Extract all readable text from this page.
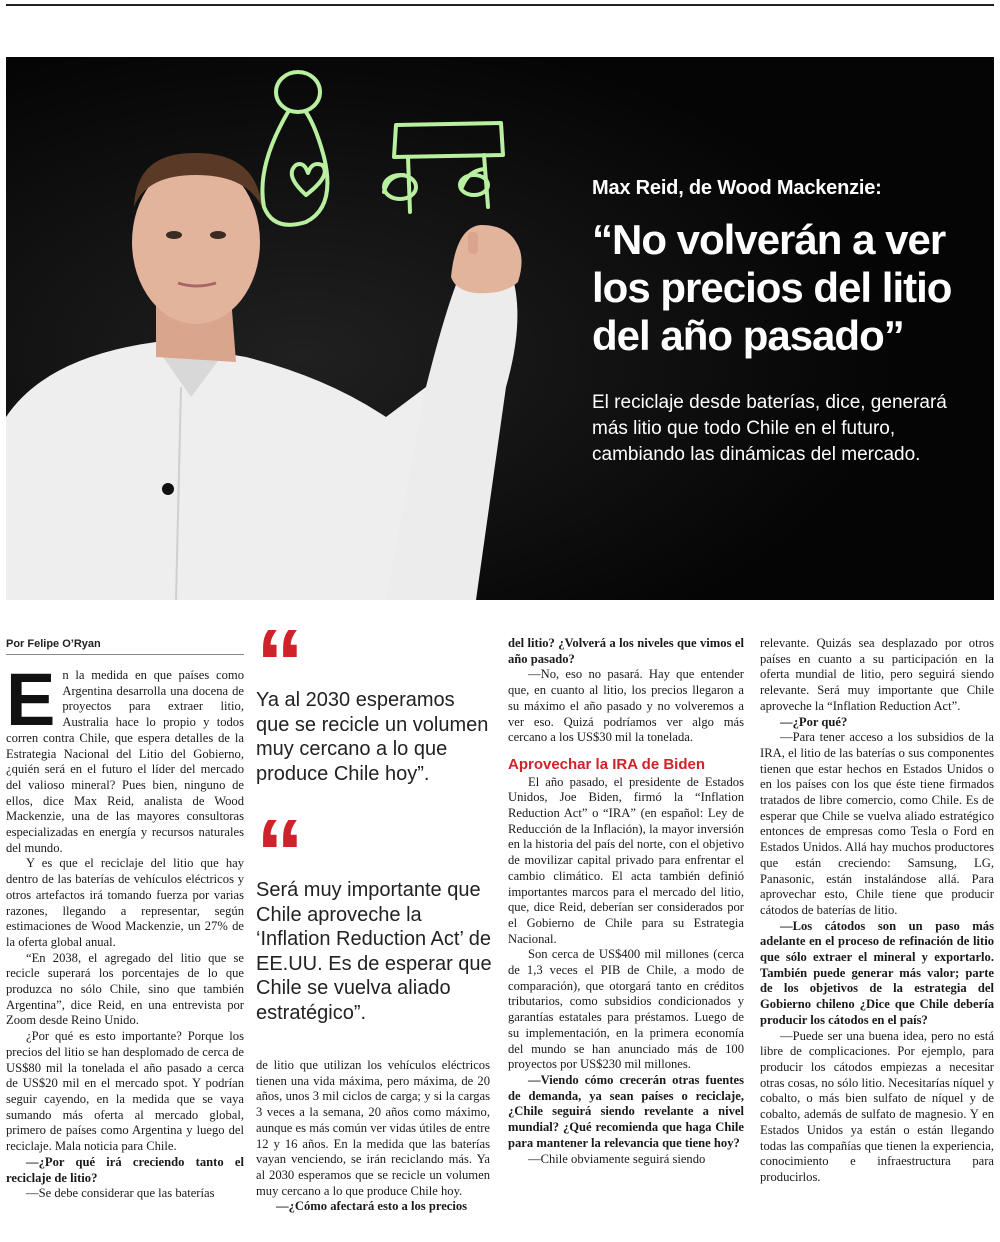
Max Reid, de Wood Mackenzie:
“No volverán a ver los precios del litio del año pasado”
El reciclaje desde baterías, dice, generará más litio que todo Chile en el futuro, cambiando las dinámicas del mercado.
Por Felipe O’Ryan

En la medida en que países como Argentina desarrolla una docena de proyectos para extraer litio, Australia hace lo propio y todos corren contra Chile, que espera detalles de la Estrategia Nacional del Litio del Gobierno, ¿quién será en el futuro el líder del mercado del valioso mineral? Pues bien, ninguno de ellos, dice Max Reid, analista de Wood Mackenzie, una de las mayores consultoras especializadas en energía y recursos naturales del mundo.

Y es que el reciclaje del litio que hay dentro de las baterías de vehículos eléctricos y otros artefactos irá tomando fuerza por varias razones, llegando a representar, según estimaciones de Wood Mackenzie, un 27% de la oferta global anual.

“En 2038, el agregado del litio que se recicle superará los porcentajes de lo que produzca no sólo Chile, sino que también Argentina”, dice Reid, en una entrevista por Zoom desde Reino Unido.

¿Por qué es esto importante? Porque los precios del litio se han desplomado de cerca de US$80 mil la tonelada el año pasado a cerca de US$20 mil en el mercado spot. Y podrían seguir cayendo, en la medida que se vaya sumando más oferta al mercado global, primero de países como Argentina y luego del reciclaje. Mala noticia para Chile.

—¿Por qué irá creciendo tanto el reciclaje de litio?

—Se debe considerar que las baterías

“
Ya al 2030 esperamos que se recicle un volumen muy cercano a lo que produce Chile hoy”.
“
Será muy importante que Chile aproveche la ‘Inflation Reduction Act’ de EE.UU. Es de esperar que Chile se vuelva aliado estratégico”.

de litio que utilizan los vehículos eléctricos tienen una vida máxima, pero máxima, de 20 años, unos 3 mil ciclos de carga; y si la cargas 3 veces a la semana, 20 años como máximo, aunque es más común ver vidas útiles de entre 12 y 16 años. En la medida que las baterías vayan venciendo, se irán reciclando más. Ya al 2030 esperamos que se recicle un volumen muy cercano a lo que produce Chile hoy.

—¿Cómo afectará esto a los precios

del litio? ¿Volverá a los niveles que vimos el año pasado?

—No, eso no pasará. Hay que entender que, en cuanto al litio, los precios llegaron a su máximo el año pasado y no volveremos a ver eso. Quizá podríamos ver algo más cercano a los US$30 mil la tonelada.

Aprovechar la IRA de Biden

El año pasado, el presidente de Estados Unidos, Joe Biden, firmó la “Inflation Reduction Act” o “IRA” (en español: Ley de Reducción de la Inflación), la mayor inversión en la historia del país del norte, con el objetivo de movilizar capital privado para enfrentar el cambio climático. El acta también definió importantes marcos para el mercado del litio, que, dice Reid, deberían ser considerados por el Gobierno de Chile para su Estrategia Nacional.

Son cerca de US$400 mil millones (cerca de 1,3 veces el PIB de Chile, a modo de comparación), que otorgará tanto en créditos tributarios, como subsidios condicionados y garantías estatales para préstamos. Luego de su implementación, en la primera economía del mundo se han anunciado más de 100 proyectos por US$230 mil millones.

—Viendo cómo crecerán otras fuentes de demanda, ya sean países o reciclaje, ¿Chile seguirá siendo revelante a nivel mundial? ¿Qué recomienda que haga Chile para mantener la relevancia que tiene hoy?

—Chile obviamente seguirá siendo

relevante. Quizás sea desplazado por otros países en cuanto a su participación en la oferta mundial de litio, pero seguirá siendo relevante. Será muy importante que Chile aproveche la “Inflation Reduction Act”.

—¿Por qué?

—Para tener acceso a los subsidios de la IRA, el litio de las baterías o sus componentes tienen que estar hechos en Estados Unidos o en los países con los que éste tiene firmados tratados de libre comercio, como Chile. Es de esperar que Chile se vuelva aliado estratégico entonces de empresas como Tesla o Ford en Estados Unidos. Allá hay muchos productores que están creciendo: Samsung, LG, Panasonic, están instalándose allá. Para aprovechar esto, Chile tiene que producir cátodos de baterías de litio.

—Los cátodos son un paso más adelante en el proceso de refinación de litio que sólo extraer el mineral y exportarlo. También puede generar más valor; parte de los objetivos de la estrategia del Gobierno chileno ¿Dice que Chile debería producir los cátodos en el país?

—Puede ser una buena idea, pero no está libre de complicaciones. Por ejemplo, para producir los cátodos empiezas a necesitar otras cosas, no sólo litio. Necesitarías níquel y cobalto, o más bien sulfato de níquel y de cobalto, además de sulfato de magnesio. Y en Estados Unidos ya están o están llegando todas las compañías que tienen la experiencia, conocimiento e infraestructura para producirlos.
